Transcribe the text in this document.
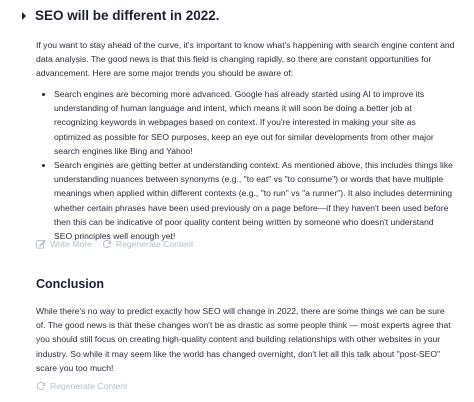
SEO will be different in 2022.

If you want to stay ahead of the curve, it's important to know what's happening with search engine content and data analysis. The good news is that this field is changing rapidly, so there are constant opportunities for advancement. Here are some major trends you should be aware of:

• Search engines are becoming more advanced. Google has already started using AI to improve its understanding of human language and intent, which means it will soon be doing a better job at recognizing keywords in webpages based on context. If you're interested in making your site as optimized as possible for SEO purposes, keep an eye out for similar developments from other major search engines like Bing and Yahoo!
• Search engines are getting better at understanding context. As mentioned above, this includes things like understanding nuances between synonyms (e.g., "to eat" vs "to consume") or words that have multiple meanings when applied within different contexts (e.g., "to run" vs "a runner"). It also includes determining whether certain phrases have been used previously on a page before—if they haven't been used before then this can be indicative of poor quality content being written by someone who doesn't understand SEO principles well enough yet!
Write More	Regenerate Content
Conclusion

While there's no way to predict exactly how SEO will change in 2022, there are some things we can be sure of. The good news is that these changes won't be as drastic as some people think — most experts agree that you should still focus on creating high-quality content and building relationships with other websites in your industry. So while it may seem like the world has changed overnight, don't let all this talk about "post-SEO" scare you too much!

Regenerate Content
